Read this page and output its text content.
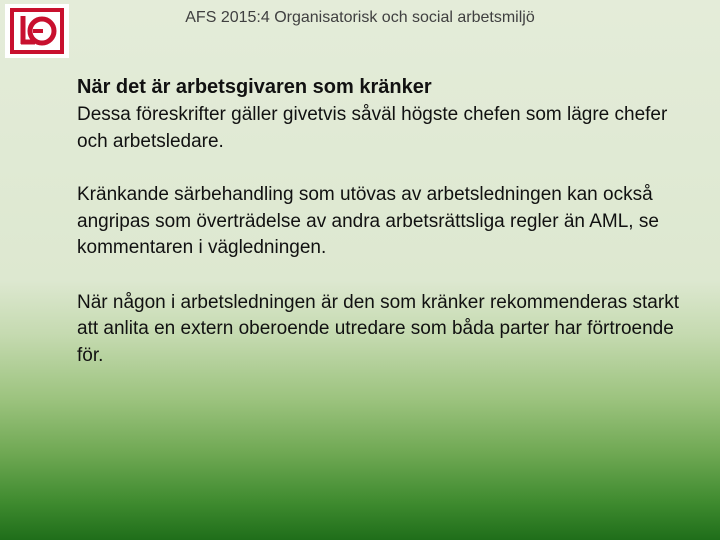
AFS 2015:4 Organisatorisk och social arbetsmiljö

När det är arbetsgivaren som kränker

Dessa föreskrifter gäller givetvis såväl högste chefen som lägre chefer och arbetsledare.

Kränkande särbehandling som utövas av arbetsledningen kan också angripas som överträdelse av andra arbetsrättsliga regler än AML, se kommentaren i vägledningen.

När någon i arbetsledningen är den som kränker rekommenderas starkt att anlita en extern oberoende utredare som båda parter har förtroende för.
